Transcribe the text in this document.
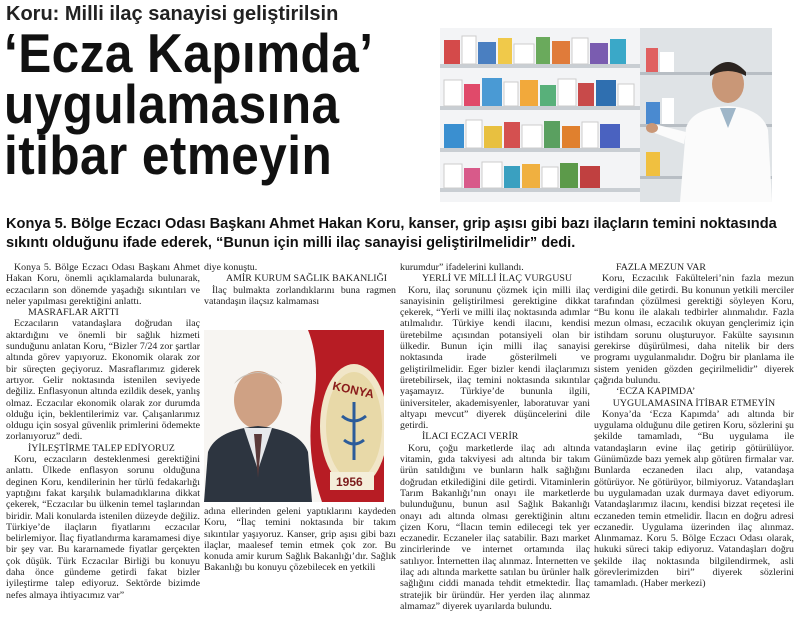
Koru: Milli ilaç sanayisi geliştirilsin
‘Ecza Kapımda’
uygulamasına
itibar etmeyin
Konya 5. Bölge Eczacı Odası Başkanı Ahmet Hakan Koru, kanser, grip aşısı gibi bazı ilaçların temini noktasında sıkıntı olduğunu ifade ederek, “Bunun için milli ilaç sanayisi geliştirilmelidir” dedi.

Konya 5. Bölge Eczacı Odası Başkanı Ahmet Hakan Koru, önemli açıklamalarda bulunarak, eczacıların son dönemde yaşadığı sıkıntıları ve neler yapılması gerektiğini anlattı.

MASRAFLAR ARTTI

Eczacıların vatandaşlara doğrudan ilaç aktardığını ve önemli bir sağlık hizmeti sunduğunu anlatan Koru, “Bizler 7/24 zor şartlar altında görev yapıyoruz. Ekonomik olarak zor bir süreçten geçiyoruz. Masraflarımız giderek artıyor. Gelir noktasında istenilen seviyede değiliz. Enflasyonun altında ezildik desek, yanlış olmaz. Eczacılar ekonomik olarak zor durumda olduğu için, beklentilerimiz var. Çalışanlarımız oldugu için sosyal güvenlik primlerini ödemekte zorlanıyoruz” dedi.

İYİLEŞTİRME TALEP EDİYORUZ

Koru, eczacıların desteklenmesi gerektiğini anlattı. Ülkede enflasyon sorunu olduğuna deginen Koru, kendilerinin her türlü fedakarlığı yaptığını fakat karşılık bulamadıklarına dikkat çekerek, “Eczacılar bu ülkenin temel taşlarından biridir. Mali konularda istenilen düzeyde değiliz. Türkiye’de ilaçların fiyatlarını eczacılar belirlemiyor. İlaç fiyatlandırma karamamesi diye bir şey var. Bu kararnamede fiyatlar gerçekten çok düşük. Türk Eczacılar Birliği bu konuyu daha önce gündeme getirdi fakat bizler iyileştirme talep ediyoruz. Sektörde bizimde nefes almaya ihtiyacımız var”

diye konuştu.

AMİR KURUM SAĞLIK BAKANLIĞI

İlaç bulmakta zorlandıklarını buna ragmen vatandaşın ilaçsız kalmaması

KONYA
1956

adına ellerinden geleni yaptıklarını kaydeden Koru, “İlaç temini noktasında bir takım sıkıntılar yaşıyoruz. Kanser, grip aşısı gibi bazı ilaçlar, maalesef temin etmek çok zor. Bu konuda amir kurum Sağlık Bakanlığı’dır. Sağlık Bakanlığı bu konuyu çözebilecek en yetkili

kurumdur” ifadelerini kullandı.

YERLİ VE MİLLİ İLAÇ VURGUSU

Koru, ilaç sorununu çözmek için milli ilaç sanayisinin geliştirilmesi gerektigine dikkat çekerek, “Yerli ve milli ilaç noktasında adımlar atılmalıdır. Türkiye kendi ilacını, kendisi üretebilme açısından potansiyeli olan bir ülkedir. Bunun için milli ilaç sanayisi noktasında irade gösterilmeli ve geliştirilmelidir. Eger bizler kendi ilaçlarımızı üretebilirsek, ilaç temini noktasında sıkıntılar yaşamayız. Türkiye’de bununla ilgili, üniversiteler, akademisyenler, laboratuvar yani altyapı mevcut” diyerek düşüncelerini dile getirdi.

İLACI ECZACI VERİR

Koru, çoğu marketlerde ilaç adı altında vitamin, gıda takviyesi adı altında bir takım ürün satıldığını ve bunların halk sağlığını doğrudan etkilediğini dile getirdi. Vitaminlerin Tarım Bakanlığı’nın onayı ile marketlerde bulunduğunu, bunun asıl Sağlık Bakanlığı onayı adı altında olması gerektiğinin altını çizen Koru, “İlacın temin edilecegi tek yer eczanedir. Eczaneler ilaç satabilir. Bazı market zincirlerinde ve internet ortamında ilaç satılıyor. İnternetten ilaç alınmaz. İnternetten ve ilaç adı altında markette satılan bu ürünler halk sağlığını ciddi manada tehdit etmektedir. İlaç stratejik bir üründür. Her yerden ilaç alınmaz almamaz” diyerek uyarılarda bulundu.

FAZLA MEZUN VAR

Koru, Eczacılık Fakülteleri’nin fazla mezun verdigini dile getirdi. Bu konunun yetkili merciler tarafından çözülmesi gerektiği söyleyen Koru, “Bu konu ile alakalı tedbirler alınmalıdır. Fazla mezun olması, eczacılık okuyan gençlerimiz için istihdam sorunu oluşturuyor. Fakülte sayısının gerekirse düşürülmesi, daha nitelik bir ders programı uygulanmalıdır. Doğru bir planlama ile sistem yeniden gözden geçirilmelidir” diyerek çağrıda bulundu.

‘ECZA KAPIMDA’

UYGULAMASINA İTİBAR ETMEYİN

Konya’da ‘Ecza Kapımda’ adı altında bir uygulama olduğunu dile getiren Koru, sözlerini şu şekilde tamamladı, “Bu uygulama ile vatandaşların evine ilaç getirip götürülüyor. Günümüzde bazı yemek alıp götüren firmalar var. Bunlarda eczaneden ilacı alıp, vatandaşa götürüyor. Ne götürüyor, bilmiyoruz. Vatandaşları bu uygulamadan uzak durmaya davet ediyorum. Vatandaşlarımız ilacını, kendisi bizzat reçetesi ile eczaneden temin etmelidir. İlacın en doğru adresi eczanedir. Uygulama üzerinden ilaç alınmaz. Alınmamaz. Koru 5. Bölge Eczacı Odası olarak, hukuki süreci takip ediyoruz. Vatandaşları doğru şekilde ilaç noktasında bilgilendirmek, asli görevlerimizden biri” diyerek sözlerini tamamladı. (Haber merkezi)
